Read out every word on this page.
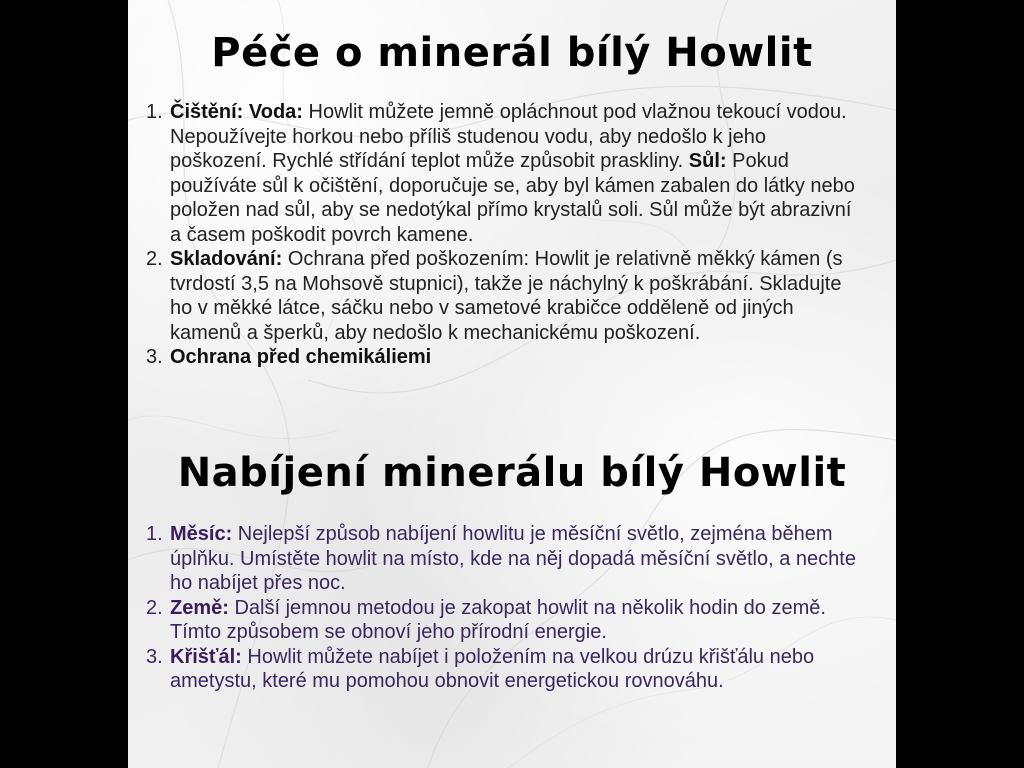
Péče o minerál bílý Howlit
1. Čištění: Voda: Howlit můžete jemně opláchnout pod vlažnou tekoucí vodou. Nepoužívejte horkou nebo příliš studenou vodu, aby nedošlo k jeho poškození. Rychlé střídání teplot může způsobit praskliny. Sůl: Pokud používáte sůl k očištění, doporučuje se, aby byl kámen zabalen do látky nebo položen nad sůl, aby se nedotýkal přímo krystalů soli. Sůl může být abrazivní a časem poškodit povrch kamene.
2. Skladování: Ochrana před poškozením: Howlit je relativně měkký kámen (s tvrdostí 3,5 na Mohsově stupnici), takže je náchylný k poškrábání. Skladujte ho v měkké látce, sáčku nebo v sametové krabičce odděleně od jiných kamenů a šperků, aby nedošlo k mechanickému poškození.
3. Ochrana před chemikáliemi
Nabíjení minerálu bílý Howlit
1. Měsíc: Nejlepší způsob nabíjení howlitu je měsíční světlo, zejména během úplňku. Umístěte howlit na místo, kde na něj dopadá měsíční světlo, a nechte ho nabíjet přes noc.
2. Země: Další jemnou metodou je zakopat howlit na několik hodin do země. Tímto způsobem se obnoví jeho přírodní energie.
3. Křišťál: Howlit můžete nabíjet i položením na velkou drúzu křišťálu nebo ametystu, které mu pomohou obnovit energetickou rovnováhu.
